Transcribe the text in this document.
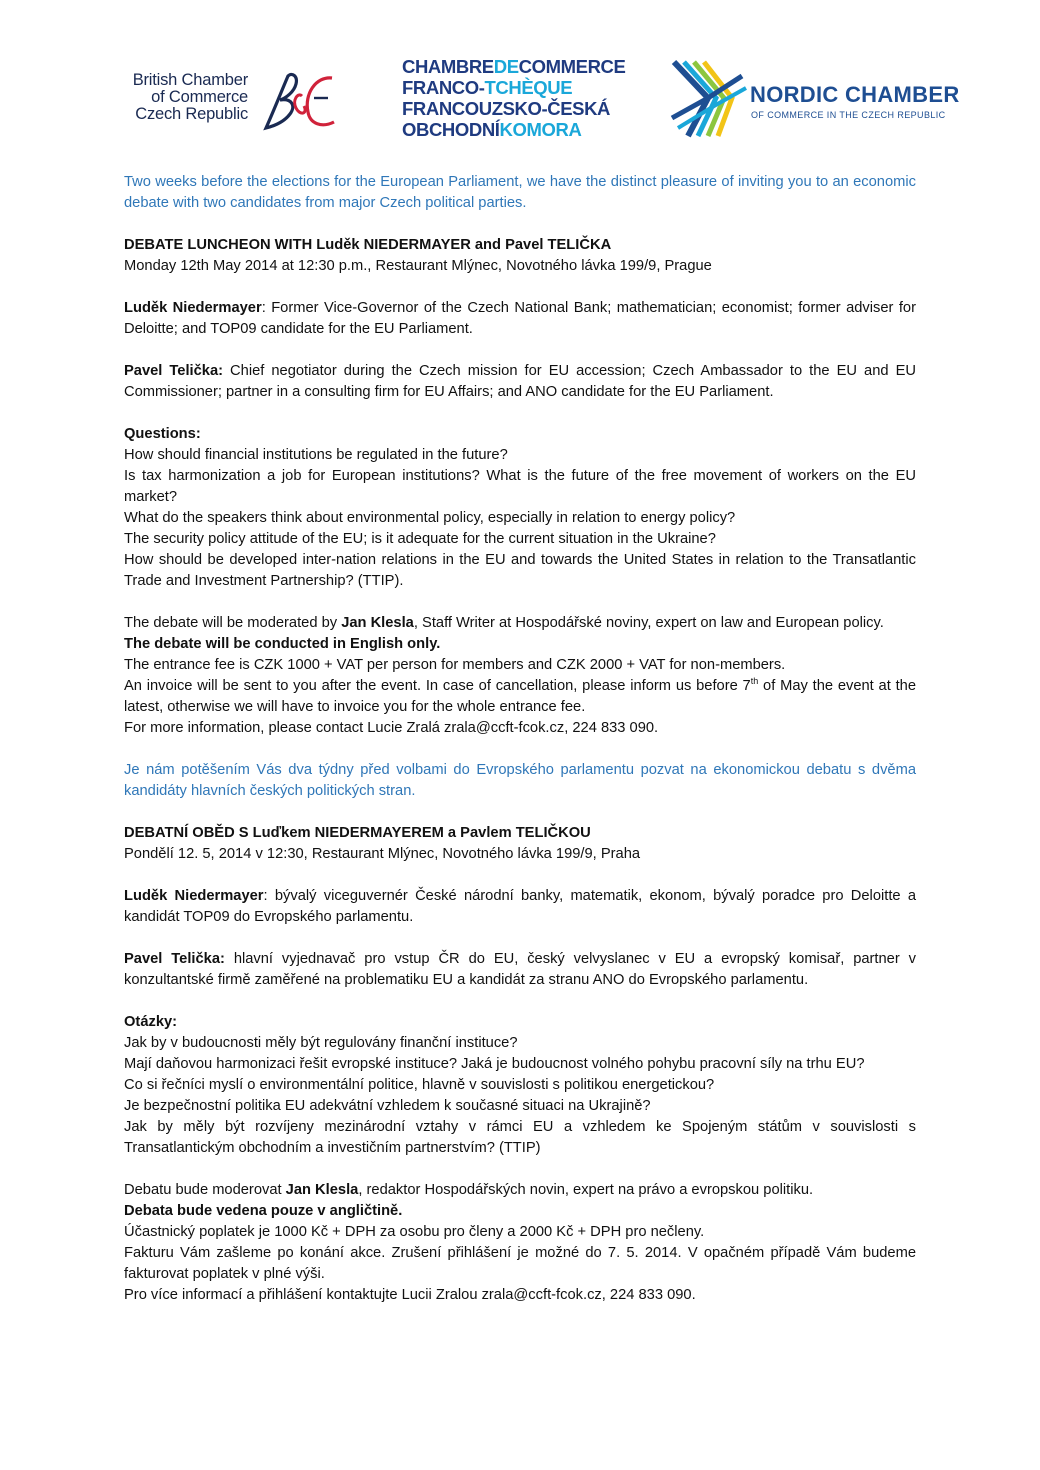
British Chamber
of Commerce
Czech Republic
CHAMBREDECOMMERCE
FRANCO-TCHÈQUE
FRANCOUZSKO-ČESKÁ
OBCHODNÍKOMORA
NORDIC CHAMBER
OF COMMERCE IN THE CZECH REPUBLIC

Two weeks before the elections for the European Parliament, we have the distinct pleasure of inviting you to an economic debate with two candidates from major Czech political parties.

DEBATE LUNCHEON WITH Luděk NIEDERMAYER and Pavel TELIČKA

Monday 12th May 2014 at 12:30 p.m., Restaurant Mlýnec, Novotného lávka 199/9, Prague

Luděk Niedermayer: Former Vice-Governor of the Czech National Bank; mathematician; economist; former adviser for Deloitte; and TOP09 candidate for the EU Parliament.

Pavel Telička: Chief negotiator during the Czech mission for EU accession; Czech Ambassador to the EU and EU Commissioner; partner in a consulting firm for EU Affairs; and ANO candidate for the EU Parliament.

Questions:

How should financial institutions be regulated in the future?

Is tax harmonization a job for European institutions? What is the future of the free movement of workers on the EU market?

What do the speakers think about environmental policy, especially in relation to energy policy?

The security policy attitude of the EU; is it adequate for the current situation in the Ukraine?

How should be developed inter-nation relations in the EU and towards the United States in relation to the Transatlantic Trade and Investment Partnership? (TTIP).

The debate will be moderated by Jan Klesla, Staff Writer at Hospodářské noviny, expert on law and European policy.

The debate will be conducted in English only.

The entrance fee is CZK 1000 + VAT per person for members and CZK 2000 + VAT for non-members.

An invoice will be sent to you after the event. In case of cancellation, please inform us before 7th of May the event at the latest, otherwise we will have to invoice you for the whole entrance fee.

For more information, please contact Lucie Zralá zrala@ccft-fcok.cz, 224 833 090.

Je nám potěšením Vás dva týdny před volbami do Evropského parlamentu pozvat na ekonomickou debatu s dvěma kandidáty hlavních českých politických stran.

DEBATNÍ OBĚD S Luďkem NIEDERMAYEREM a Pavlem TELIČKOU

Pondělí 12. 5, 2014 v 12:30, Restaurant Mlýnec, Novotného lávka 199/9, Praha

Luděk Niedermayer: bývalý viceguvernér České národní banky, matematik, ekonom, bývalý poradce pro Deloitte a kandidát TOP09 do Evropského parlamentu.

Pavel Telička: hlavní vyjednavač pro vstup ČR do EU, český velvyslanec v EU a evropský komisař, partner v konzultantské firmě zaměřené na problematiku EU a kandidát za stranu ANO do Evropského parlamentu.

Otázky:

Jak by v budoucnosti měly být regulovány finanční instituce?

Mají daňovou harmonizaci řešit evropské instituce? Jaká je budoucnost volného pohybu pracovní síly na trhu EU?

Co si řečníci myslí o environmentální politice, hlavně v souvislosti s politikou energetickou?

Je bezpečnostní politika EU adekvátní vzhledem k současné situaci na Ukrajině?

Jak by měly být rozvíjeny mezinárodní vztahy v rámci EU a vzhledem ke Spojeným státům v souvislosti s Transatlantickým obchodním a investičním partnerstvím? (TTIP)

Debatu bude moderovat Jan Klesla, redaktor Hospodářských novin, expert na právo a evropskou politiku.

Debata bude vedena pouze v angličtině.

Účastnický poplatek je 1000 Kč + DPH za osobu pro členy a 2000 Kč + DPH pro nečleny.

Fakturu Vám zašleme po konání akce. Zrušení přihlášení je možné do 7. 5. 2014. V opačném případě Vám budeme fakturovat poplatek v plné výši.

Pro více informací a přihlášení kontaktujte Lucii Zralou zrala@ccft-fcok.cz, 224 833 090.
